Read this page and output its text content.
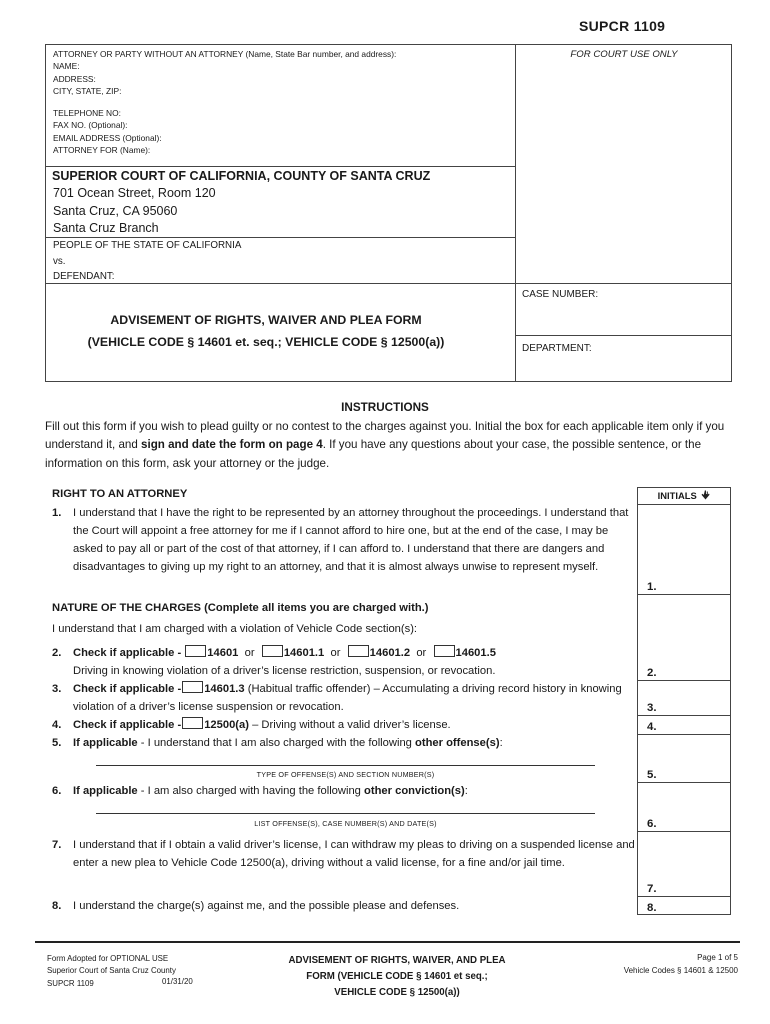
SUPCR 1109
ATTORNEY OR PARTY WITHOUT AN ATTORNEY (Name, State Bar number, and address):
NAME:
ADDRESS:
CITY, STATE, ZIP:
TELEPHONE NO:
FAX NO. (Optional):
EMAIL ADDRESS (Optional):
ATTORNEY FOR (Name):
SUPERIOR COURT OF CALIFORNIA, COUNTY OF SANTA CRUZ
701 Ocean Street, Room 120
Santa Cruz, CA 95060
Santa Cruz Branch
PEOPLE OF THE STATE OF CALIFORNIA
vs.
DEFENDANT:
ADVISEMENT OF RIGHTS, WAIVER AND PLEA FORM
(VEHICLE CODE § 14601 et. seq.; VEHICLE CODE § 12500(a))
FOR COURT USE ONLY
CASE NUMBER:
DEPARTMENT:
INSTRUCTIONS
Fill out this form if you wish to plead guilty or no contest to the charges against you. Initial the box for each applicable item only if you understand it, and sign and date the form on page 4. If you have any questions about your case, the possible sentence, or the information on this form, ask your attorney or the judge.
RIGHT TO AN ATTORNEY
1. I understand that I have the right to be represented by an attorney throughout the proceedings. I understand that the Court will appoint a free attorney for me if I cannot afford to hire one, but at the end of the case, I may be asked to pay all or part of the cost of that attorney, if I can afford to. I understand that there are dangers and disadvantages to giving up my right to an attorney, and that it is almost always unwise to represent myself.
NATURE OF THE CHARGES (Complete all items you are charged with.)
I understand that I am charged with a violation of Vehicle Code section(s):
2. Check if applicable - 14601 or	14601.1 or	14601.2 or	14601.5
Driving in knowing violation of a driver’s license restriction, suspension, or revocation.
3. Check if applicable - 14601.3 (Habitual traffic offender) – Accumulating a driving record history in knowing violation of a driver’s license suspension or revocation.
4. Check if applicable - 12500(a) – Driving without a valid driver’s license.
5. If applicable - I understand that I am also charged with the following other offense(s):
TYPE OF OFFENSE(S) AND SECTION NUMBER(S)
6. If applicable - I am also charged with having the following other conviction(s):
LIST OFFENSE(S), CASE NUMBER(S) AND DATE(S)
7. I understand that if I obtain a valid driver’s license, I can withdraw my pleas to driving on a suspended license and enter a new plea to Vehicle Code 12500(a), driving without a valid license, for a fine and/or jail time.
8. I understand the charge(s) against me, and the possible please and defenses.
INITIALS
1.
2.
3.
4.
5.
6.
7.
8.
Form Adopted for OPTIONAL USE
Superior Court of Santa Cruz County
SUPCR 1109	01/31/20
ADVISEMENT OF RIGHTS, WAIVER, AND PLEA
FORM (VEHICLE CODE § 14601 et seq.;
VEHICLE CODE § 12500(a))
Page 1 of 5
Vehicle Codes § 14601 & 12500
